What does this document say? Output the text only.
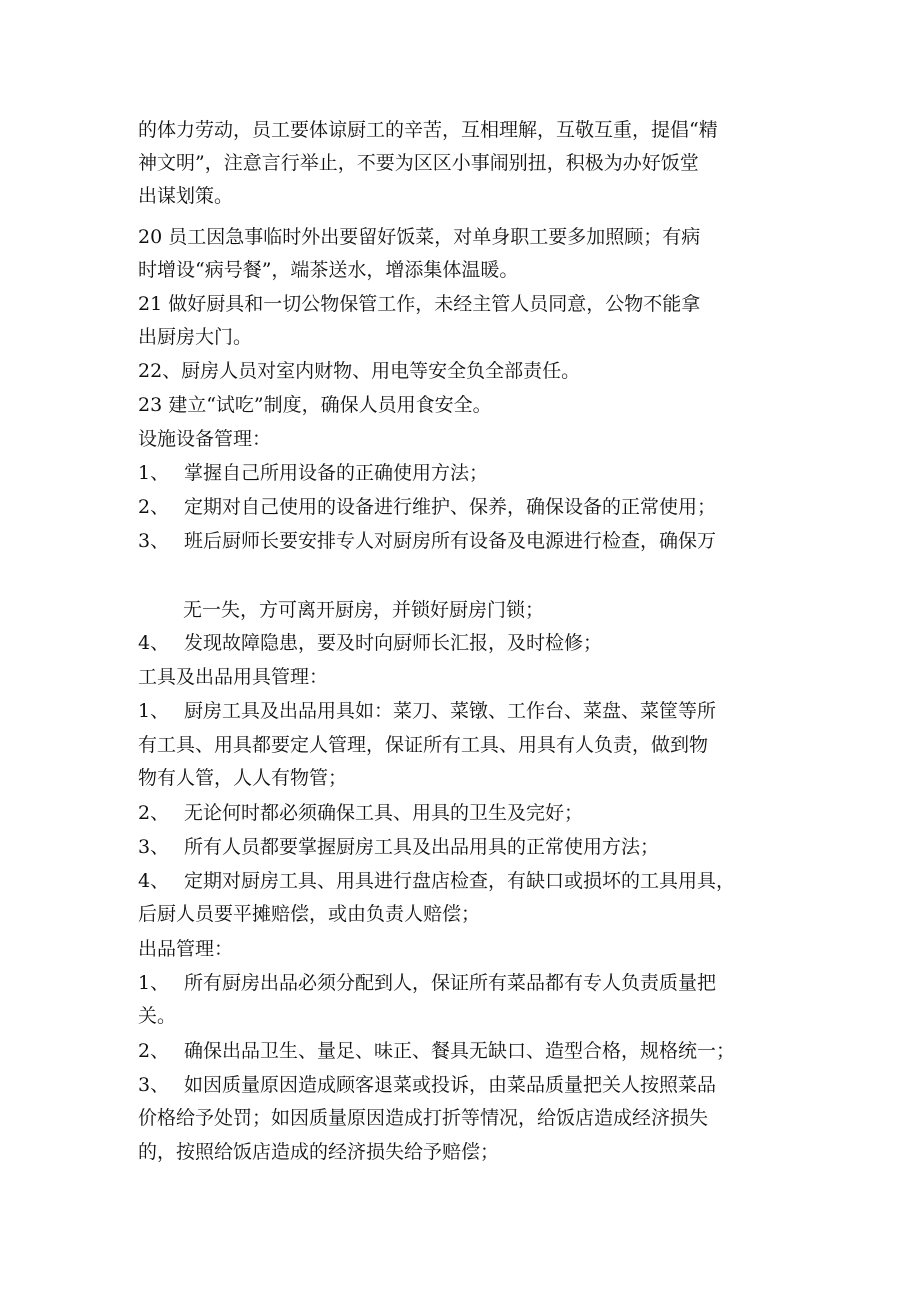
的体力劳动，员工要体谅厨工的辛苦，互相理解，互敬互重，提倡“精
神文明”，注意言行举止，不要为区区小事闹别扭，积极为办好饭堂
出谋划策。
20 员工因急事临时外出要留好饭菜，对单身职工要多加照顾；有病
时增设“病号餐”，端茶送水，增添集体温暖。
21 做好厨具和一切公物保管工作，未经主管人员同意，公物不能拿
出厨房大门。
22、厨房人员对室内财物、用电等安全负全部责任。
23 建立“试吃”制度，确保人员用食安全。
设施设备管理：
1、 掌握自己所用设备的正确使用方法；
2、 定期对自己使用的设备进行维护、保养，确保设备的正常使用；
3、 班后厨师长要安排专人对厨房所有设备及电源进行检查，确保万
无一失，方可离开厨房，并锁好厨房门锁；
4、 发现故障隐患，要及时向厨师长汇报，及时检修；
工具及出品用具管理：
1、 厨房工具及出品用具如：菜刀、菜镦、工作台、菜盘、菜筐等所
有工具、用具都要定人管理，保证所有工具、用具有人负责，做到物
物有人管，人人有物管；
2、 无论何时都必须确保工具、用具的卫生及完好；
3、 所有人员都要掌握厨房工具及出品用具的正常使用方法；
4、 定期对厨房工具、用具进行盘店检查，有缺口或损坏的工具用具，
后厨人员要平摊赔偿，或由负责人赔偿；
出品管理：
1、 所有厨房出品必须分配到人，保证所有菜品都有专人负责质量把
关。
2、 确保出品卫生、量足、味正、餐具无缺口、造型合格，规格统一；
3、 如因质量原因造成顾客退菜或投诉，由菜品质量把关人按照菜品
价格给予处罚；如因质量原因造成打折等情况，给饭店造成经济损失
的，按照给饭店造成的经济损失给予赔偿；
